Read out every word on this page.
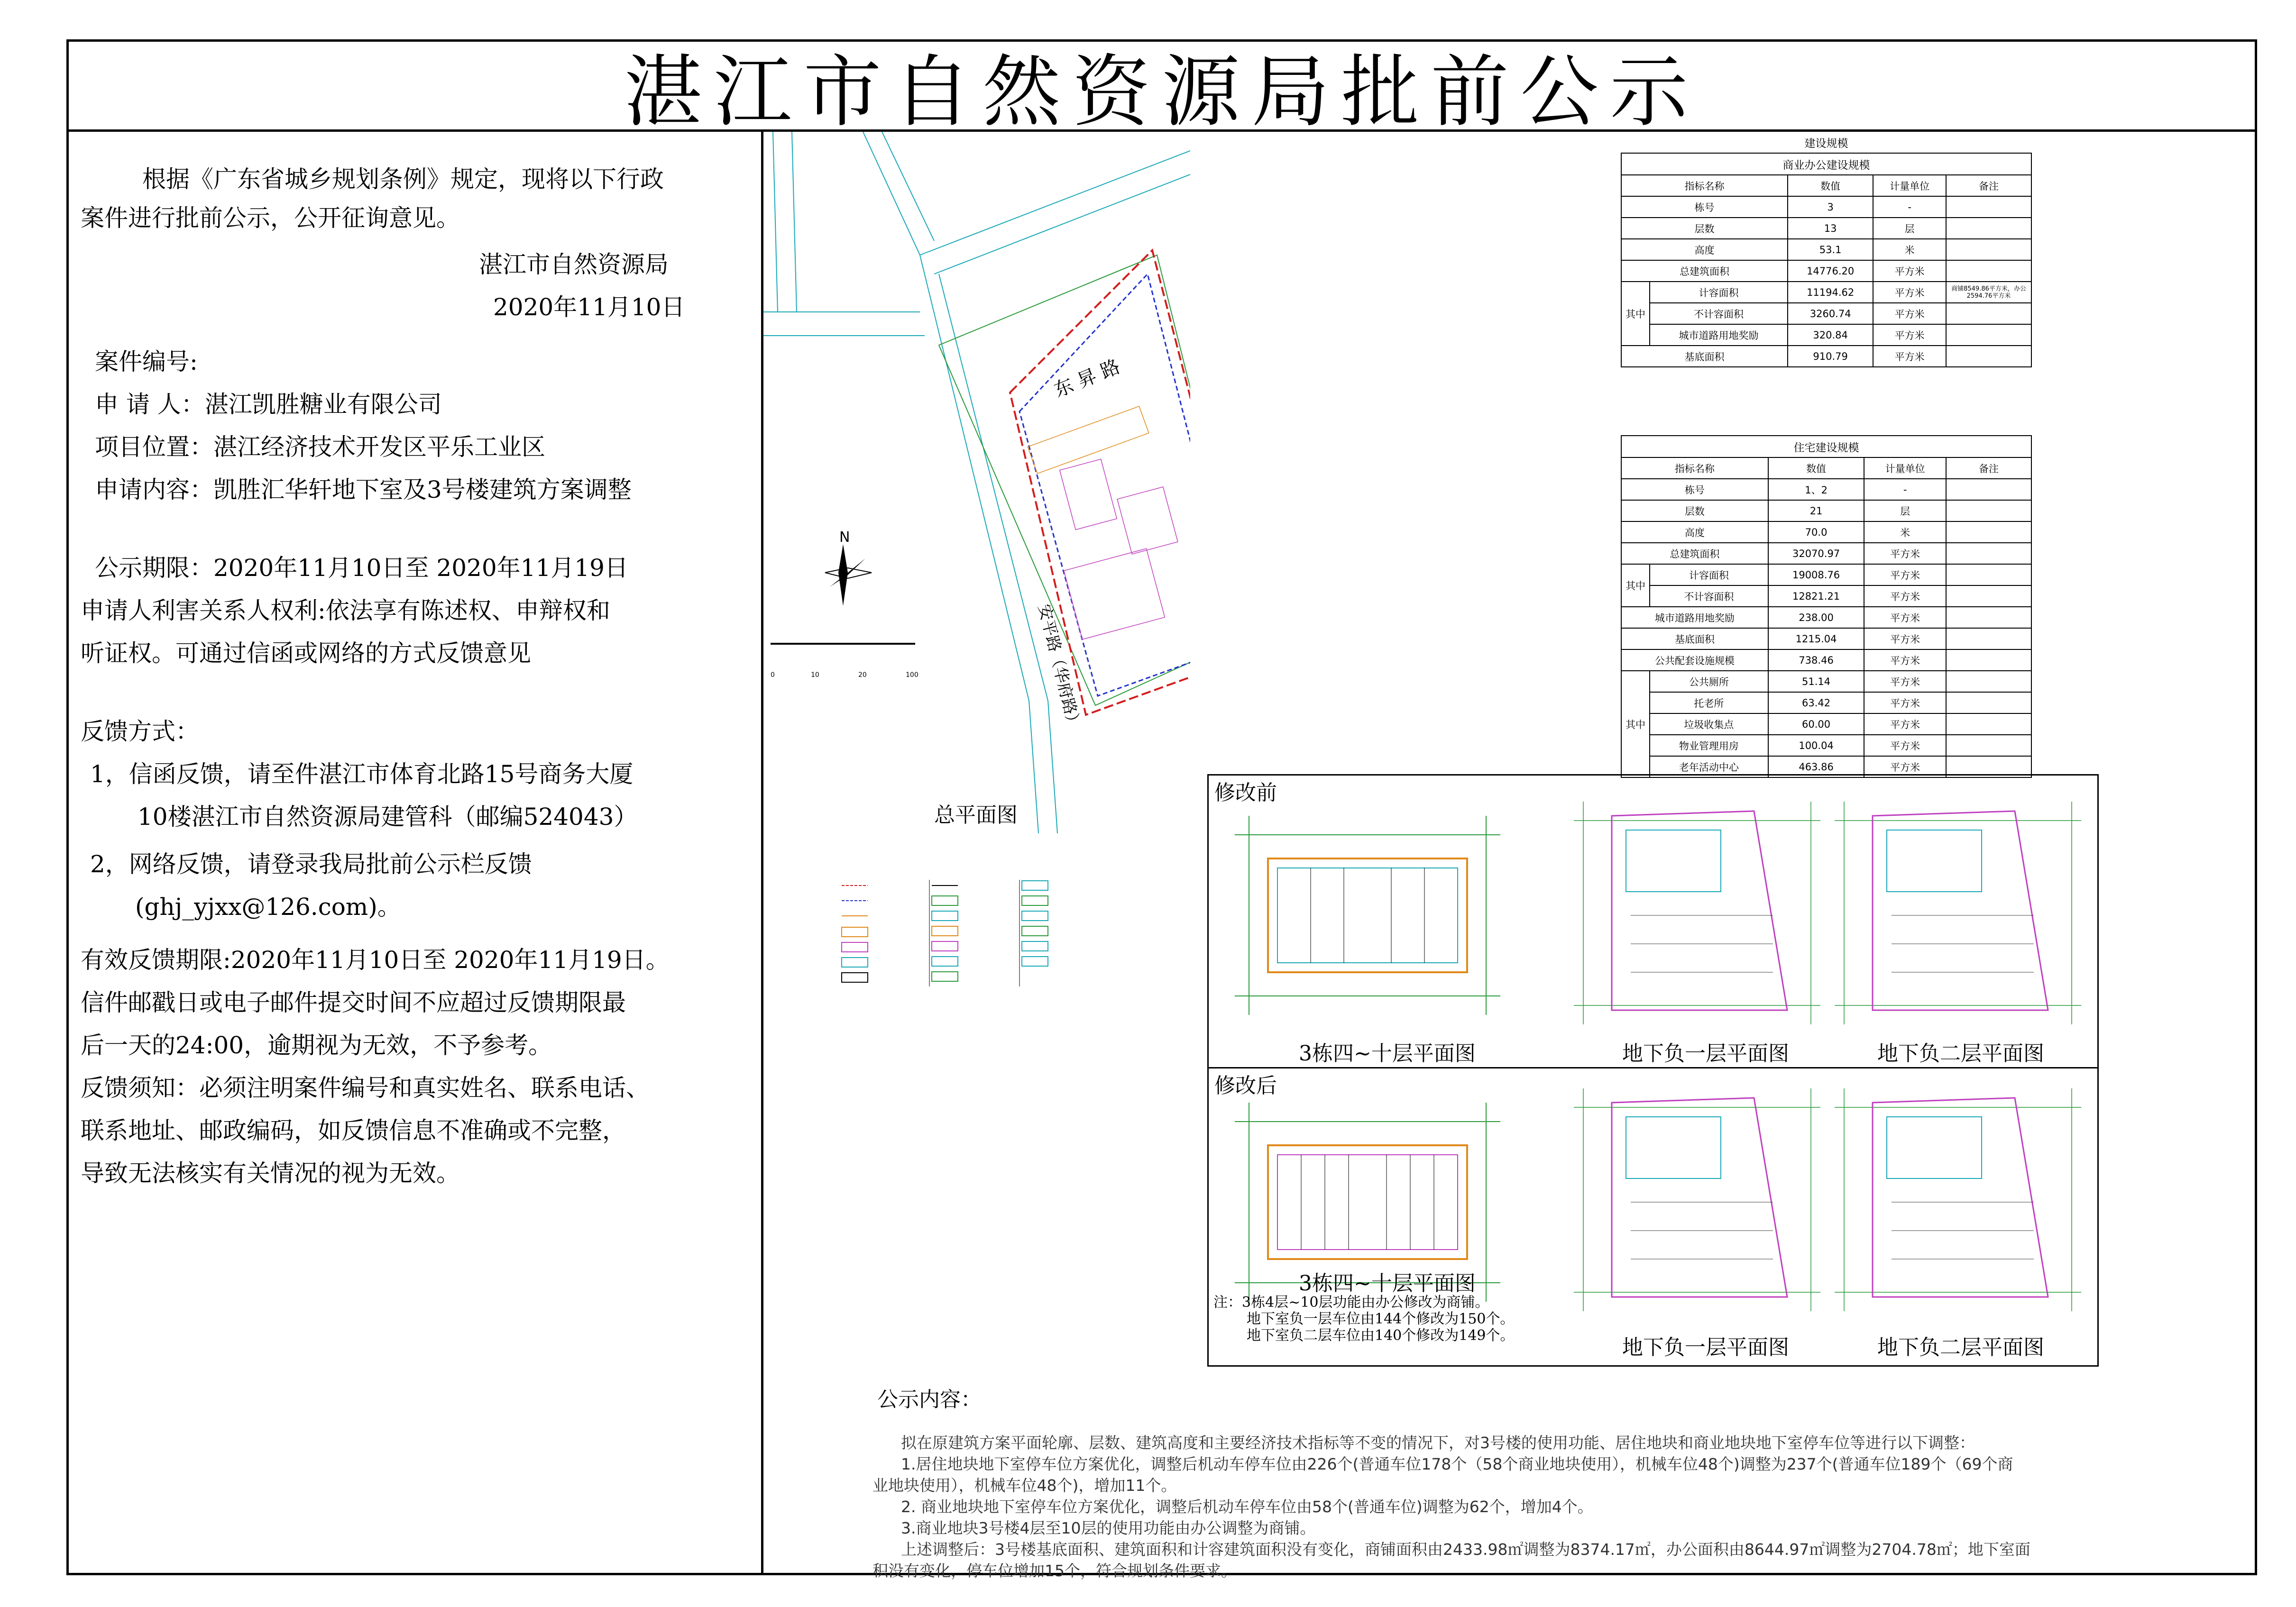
湛江市自然资源局批前公示
根据《广东省城乡规划条例》规定，现将以下行政
案件进行批前公示，公开征询意见。
湛江市自然资源局
2020年11月10日
案件编号:
申 请 人：湛江凯胜糖业有限公司
项目位置：湛江经济技术开发区平乐工业区
申请内容：凯胜汇华轩地下室及3号楼建筑方案调整
公示期限：2020年11月10日至 2020年11月19日
申请人利害关系人权利:依法享有陈述权、申辩权和
听证权。可通过信函或网络的方式反馈意见
反馈方式：
1，信函反馈，请至件湛江市体育北路15号商务大厦
10楼湛江市自然资源局建管科（邮编524043）
2，网络反馈，请登录我局批前公示栏反馈
(ghj_yjxx@126.com)。
有效反馈期限:2020年11月10日至 2020年11月19日。
信件邮戳日或电子邮件提交时间不应超过反馈期限最
后一天的24:00，逾期视为无效，不予参考。
反馈须知：必须注明案件编号和真实姓名、联系电话、
联系地址、邮政编码，如反馈信息不准确或不完整，
导致无法核实有关情况的视为无效。
东 昇 路
安平路（华府路）
N
0	10	20	100
总平面图
建设规模				
商业办公建设规模				
指标名称		数值	计量单位	备注
栋号		3	-	
层数		13	层	
高度		53.1	米	
总建筑面积		14776.20	平方米	
其中	计容面积	11194.62	平方米	商铺8549.86平方米，办公2594.76平方米
	不计容面积	3260.74	平方米	
	城市道路用地奖励	320.84	平方米	
基底面积		910.79	平方米	
住宅建设规模				
指标名称		数值	计量单位	备注
栋号		1、2	-	
层数		21	层	
高度		70.0	米	
总建筑面积		32070.97	平方米	
其中	计容面积	19008.76	平方米	
	不计容面积	12821.21	平方米	
城市道路用地奖励		238.00	平方米	
基底面积		1215.04	平方米	
公共配套设施规模		738.46	平方米	
其中	公共厕所	51.14	平方米	
	托老所	63.42	平方米	
	垃圾收集点	60.00	平方米	
	物业管理用房	100.04	平方米	
	老年活动中心	463.86	平方米	
修改前
修改后
3栋四~十层平面图	地下负一层平面图	地下负二层平面图
3栋四~十层平面图
注：3栋4层~10层功能由办公修改为商铺。
地下室负一层车位由144个修改为150个。
地下室负二层车位由140个修改为149个。	地下负一层平面图	地下负二层平面图
公示内容：
拟在原建筑方案平面轮廓、层数、建筑高度和主要经济技术指标等不变的情况下，对3号楼的使用功能、居住地块和商业地块地下室停车位等进行以下调整：
1.居住地块地下室停车位方案优化，调整后机动车停车位由226个(普通车位178个（58个商业地块使用），机械车位48个)调整为237个(普通车位189个（69个商
业地块使用），机械车位48个)，增加11个。
2. 商业地块地下室停车位方案优化，调整后机动车停车位由58个(普通车位)调整为62个，增加4个。
3.商业地块3号楼4层至10层的使用功能由办公调整为商铺。
上述调整后：3号楼基底面积、建筑面积和计容建筑面积没有变化，商铺面积由2433.98㎡调整为8374.17㎡，办公面积由8644.97㎡调整为2704.78㎡；地下室面
积没有变化，停车位增加15个，符合规划条件要求。
